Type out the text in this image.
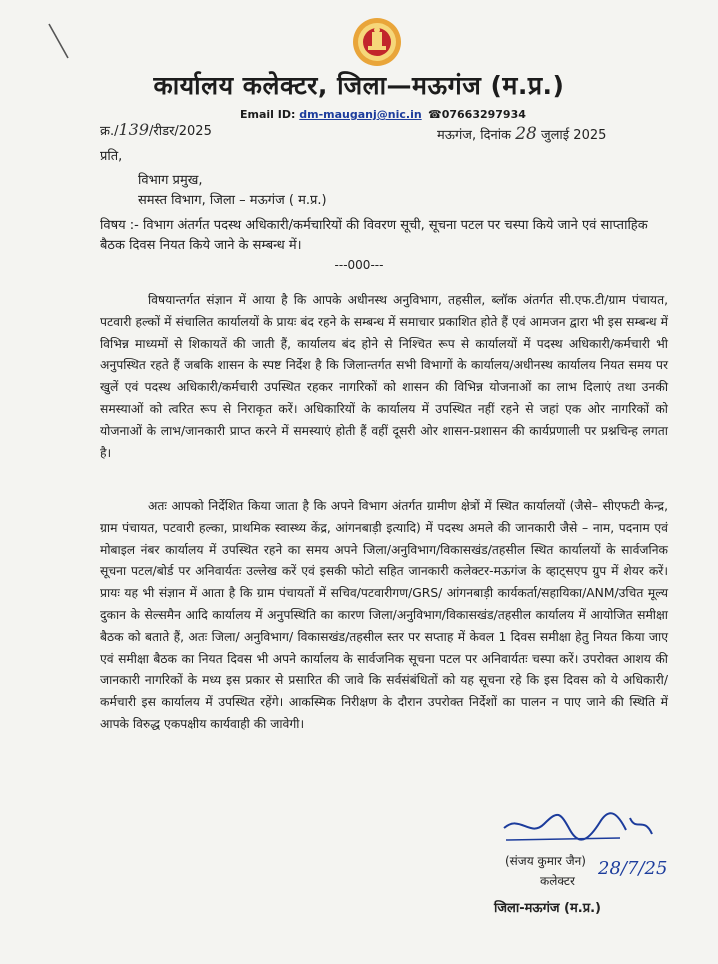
कार्यालय कलेक्टर, जिला—मऊगंज (म.प्र.)
Email ID: dm-mauganj@nic.in ☎07663297934
क्र./139/रीडर/2025	मऊगंज, दिनांक 28 जुलाई 2025
प्रति,
विभाग प्रमुख,
समस्त विभाग, जिला – मऊगंज ( म.प्र.)
विषय :- विभाग अंतर्गत पदस्थ अधिकारी/कर्मचारियों की विवरण सूची, सूचना पटल पर चस्पा किये जाने एवं साप्ताहिक बैठक दिवस नियत किये जाने के सम्बन्ध में।
---000---

विषयान्तर्गत संज्ञान में आया है कि आपके अधीनस्थ अनुविभाग, तहसील, ब्लॉक अंतर्गत सी.एफ.टी/ग्राम पंचायत, पटवारी हल्कों में संचालित कार्यालयों के प्रायः बंद रहने के सम्बन्ध में समाचार प्रकाशित होते हैं एवं आमजन द्वारा भी इस सम्बन्ध में विभिन्न माध्यमों से शिकायतें की जाती हैं, कार्यालय बंद होने से निश्चित रूप से कार्यालयों में पदस्थ अधिकारी/कर्मचारी भी अनुपस्थित रहते हैं जबकि शासन के स्पष्ट निर्देश है कि जिलान्तर्गत सभी विभागों के कार्यालय/अधीनस्थ कार्यालय नियत समय पर खुलें एवं पदस्थ अधिकारी/कर्मचारी उपस्थित रहकर नागरिकों को शासन की विभिन्न योजनाओं का लाभ दिलाएं तथा उनकी समस्याओं को त्वरित रूप से निराकृत करें। अधिकारियों के कार्यालय में उपस्थित नहीं रहने से जहां एक ओर नागरिकों को योजनाओं के लाभ/जानकारी प्राप्त करने में समस्याएं होती हैं वहीं दूसरी ओर शासन-प्रशासन की कार्यप्रणाली पर प्रश्नचिन्ह लगता है।

अतः आपको निर्देशित किया जाता है कि अपने विभाग अंतर्गत ग्रामीण क्षेत्रों में स्थित कार्यालयों (जैसे– सीएफटी केन्द्र, ग्राम पंचायत, पटवारी हल्का, प्राथमिक स्वास्थ्य केंद्र, आंगनबाड़ी इत्यादि) में पदस्थ अमले की जानकारी जैसे – नाम, पदनाम एवं मोबाइल नंबर कार्यालय में उपस्थित रहने का समय अपने जिला/अनुविभाग/विकासखंड/तहसील स्थित कार्यालयों के सार्वजनिक सूचना पटल/बोर्ड पर अनिवार्यतः उल्लेख करें एवं इसकी फोटो सहित जानकारी कलेक्टर-मऊगंज के व्हाट्सएप ग्रुप में शेयर करें। प्रायः यह भी संज्ञान में आता है कि ग्राम पंचायतों में सचिव/पटवारीगण/GRS/ आंगनबाड़ी कार्यकर्ता/सहायिका/ANM/उचित मूल्य दुकान के सेल्समैन आदि कार्यालय में अनुपस्थिति का कारण जिला/अनुविभाग/विकासखंड/तहसील कार्यालय में आयोजित समीक्षा बैठक को बताते हैं, अतः जिला/ अनुविभाग/ विकासखंड/तहसील स्तर पर सप्ताह में केवल 1 दिवस समीक्षा हेतु नियत किया जाए एवं समीक्षा बैठक का नियत दिवस भी अपने कार्यालय के सार्वजनिक सूचना पटल पर अनिवार्यतः चस्पा करें। उपरोक्त आशय की जानकारी नागरिकों के मध्य इस प्रकार से प्रसारित की जावे कि सर्वसंबंधितों को यह सूचना रहे कि इस दिवस को ये अधिकारी/कर्मचारी इस कार्यालय में उपस्थित रहेंगे। आकस्मिक निरीक्षण के दौरान उपरोक्त निर्देशों का पालन न पाए जाने की स्थिति में आपके विरुद्ध एकपक्षीय कार्यवाही की जावेगी।

(संजय कुमार जैन) 28/7/25
कलेक्टर
जिला-मऊगंज (म.प्र.)
